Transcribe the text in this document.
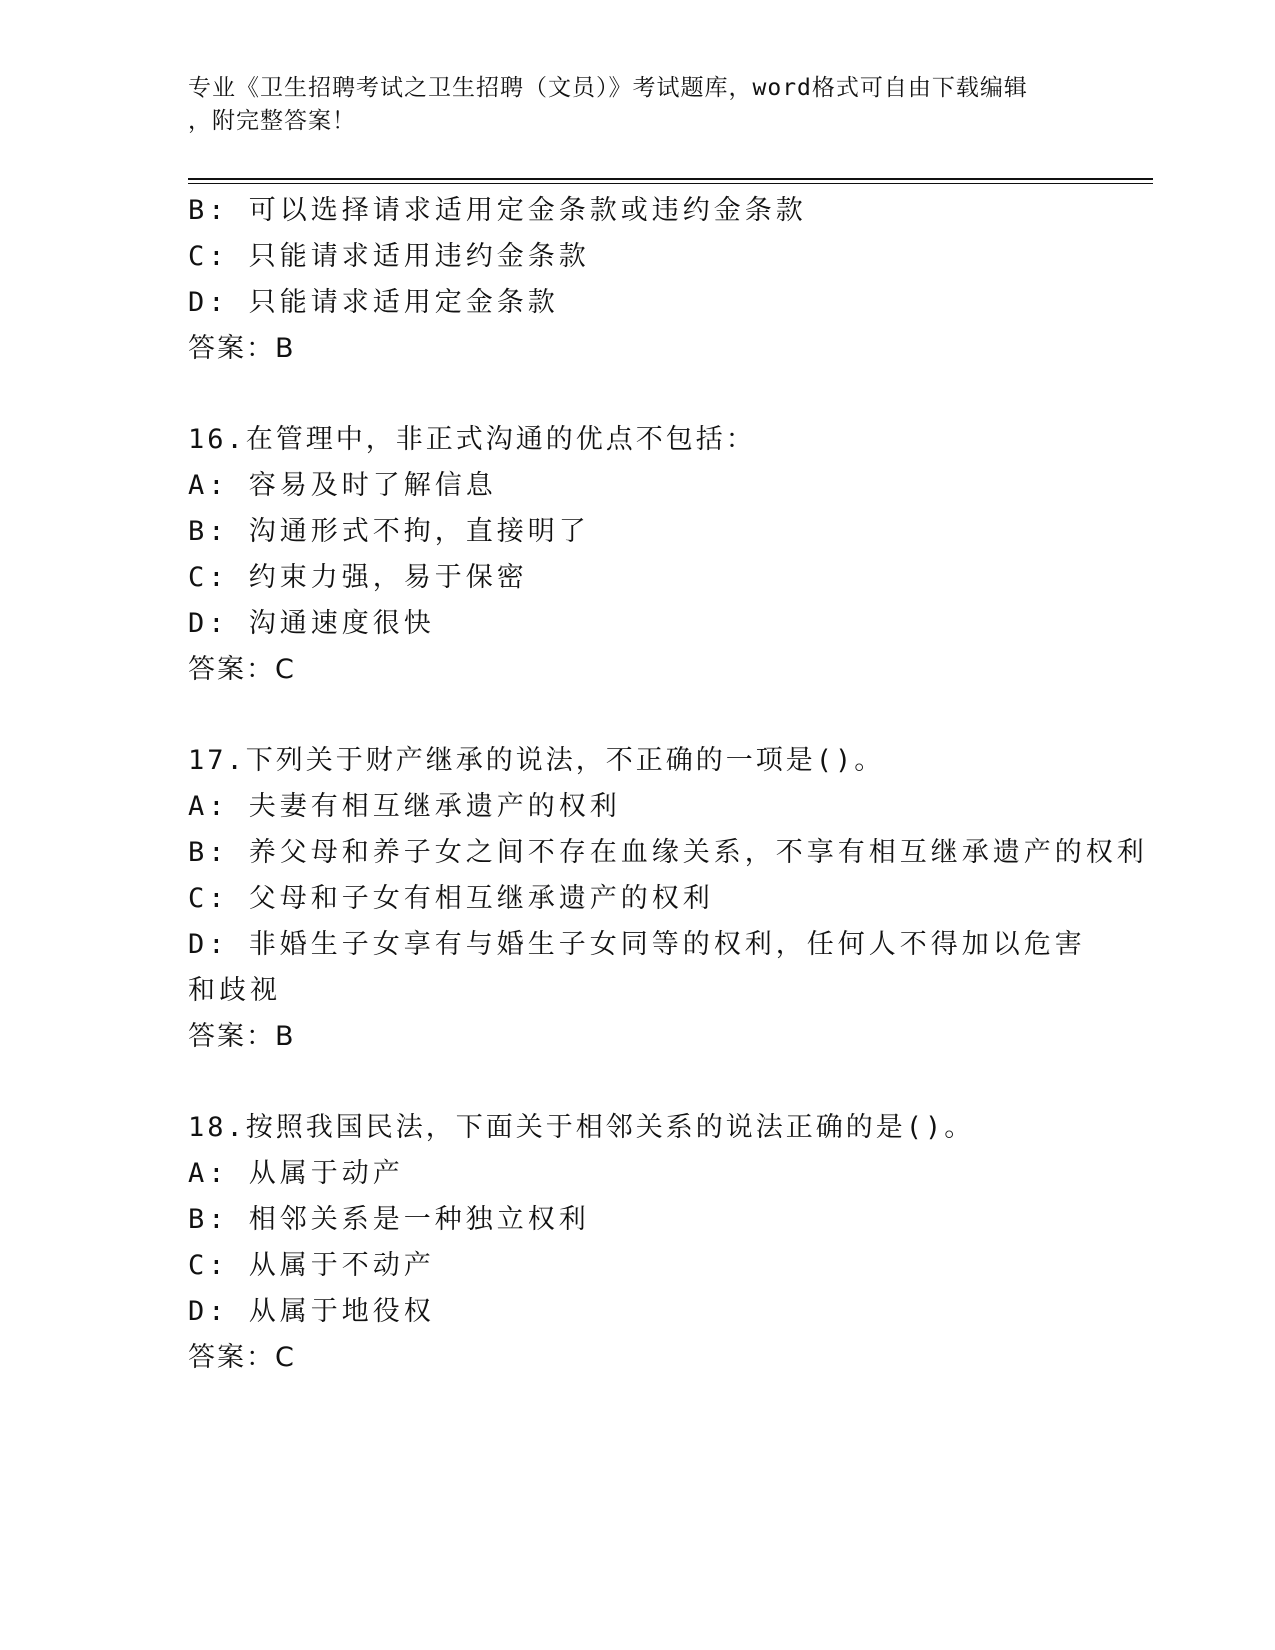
专业《卫生招聘考试之卫生招聘（文员）》考试题库，word格式可自由下载编辑
，附完整答案！
B: 可以选择请求适用定金条款或违约金条款
C: 只能请求适用违约金条款
D: 只能请求适用定金条款
答案：B
16.在管理中，非正式沟通的优点不包括：
A: 容易及时了解信息
B: 沟通形式不拘，直接明了
C: 约束力强，易于保密
D: 沟通速度很快
答案：C
17.下列关于财产继承的说法，不正确的一项是()。
A: 夫妻有相互继承遗产的权利
B: 养父母和养子女之间不存在血缘关系，不享有相互继承遗产的权利
C: 父母和子女有相互继承遗产的权利
D: 非婚生子女享有与婚生子女同等的权利，任何人不得加以危害和歧视
答案：B
18.按照我国民法，下面关于相邻关系的说法正确的是()。
A: 从属于动产
B: 相邻关系是一种独立权利
C: 从属于不动产
D: 从属于地役权
答案：C
